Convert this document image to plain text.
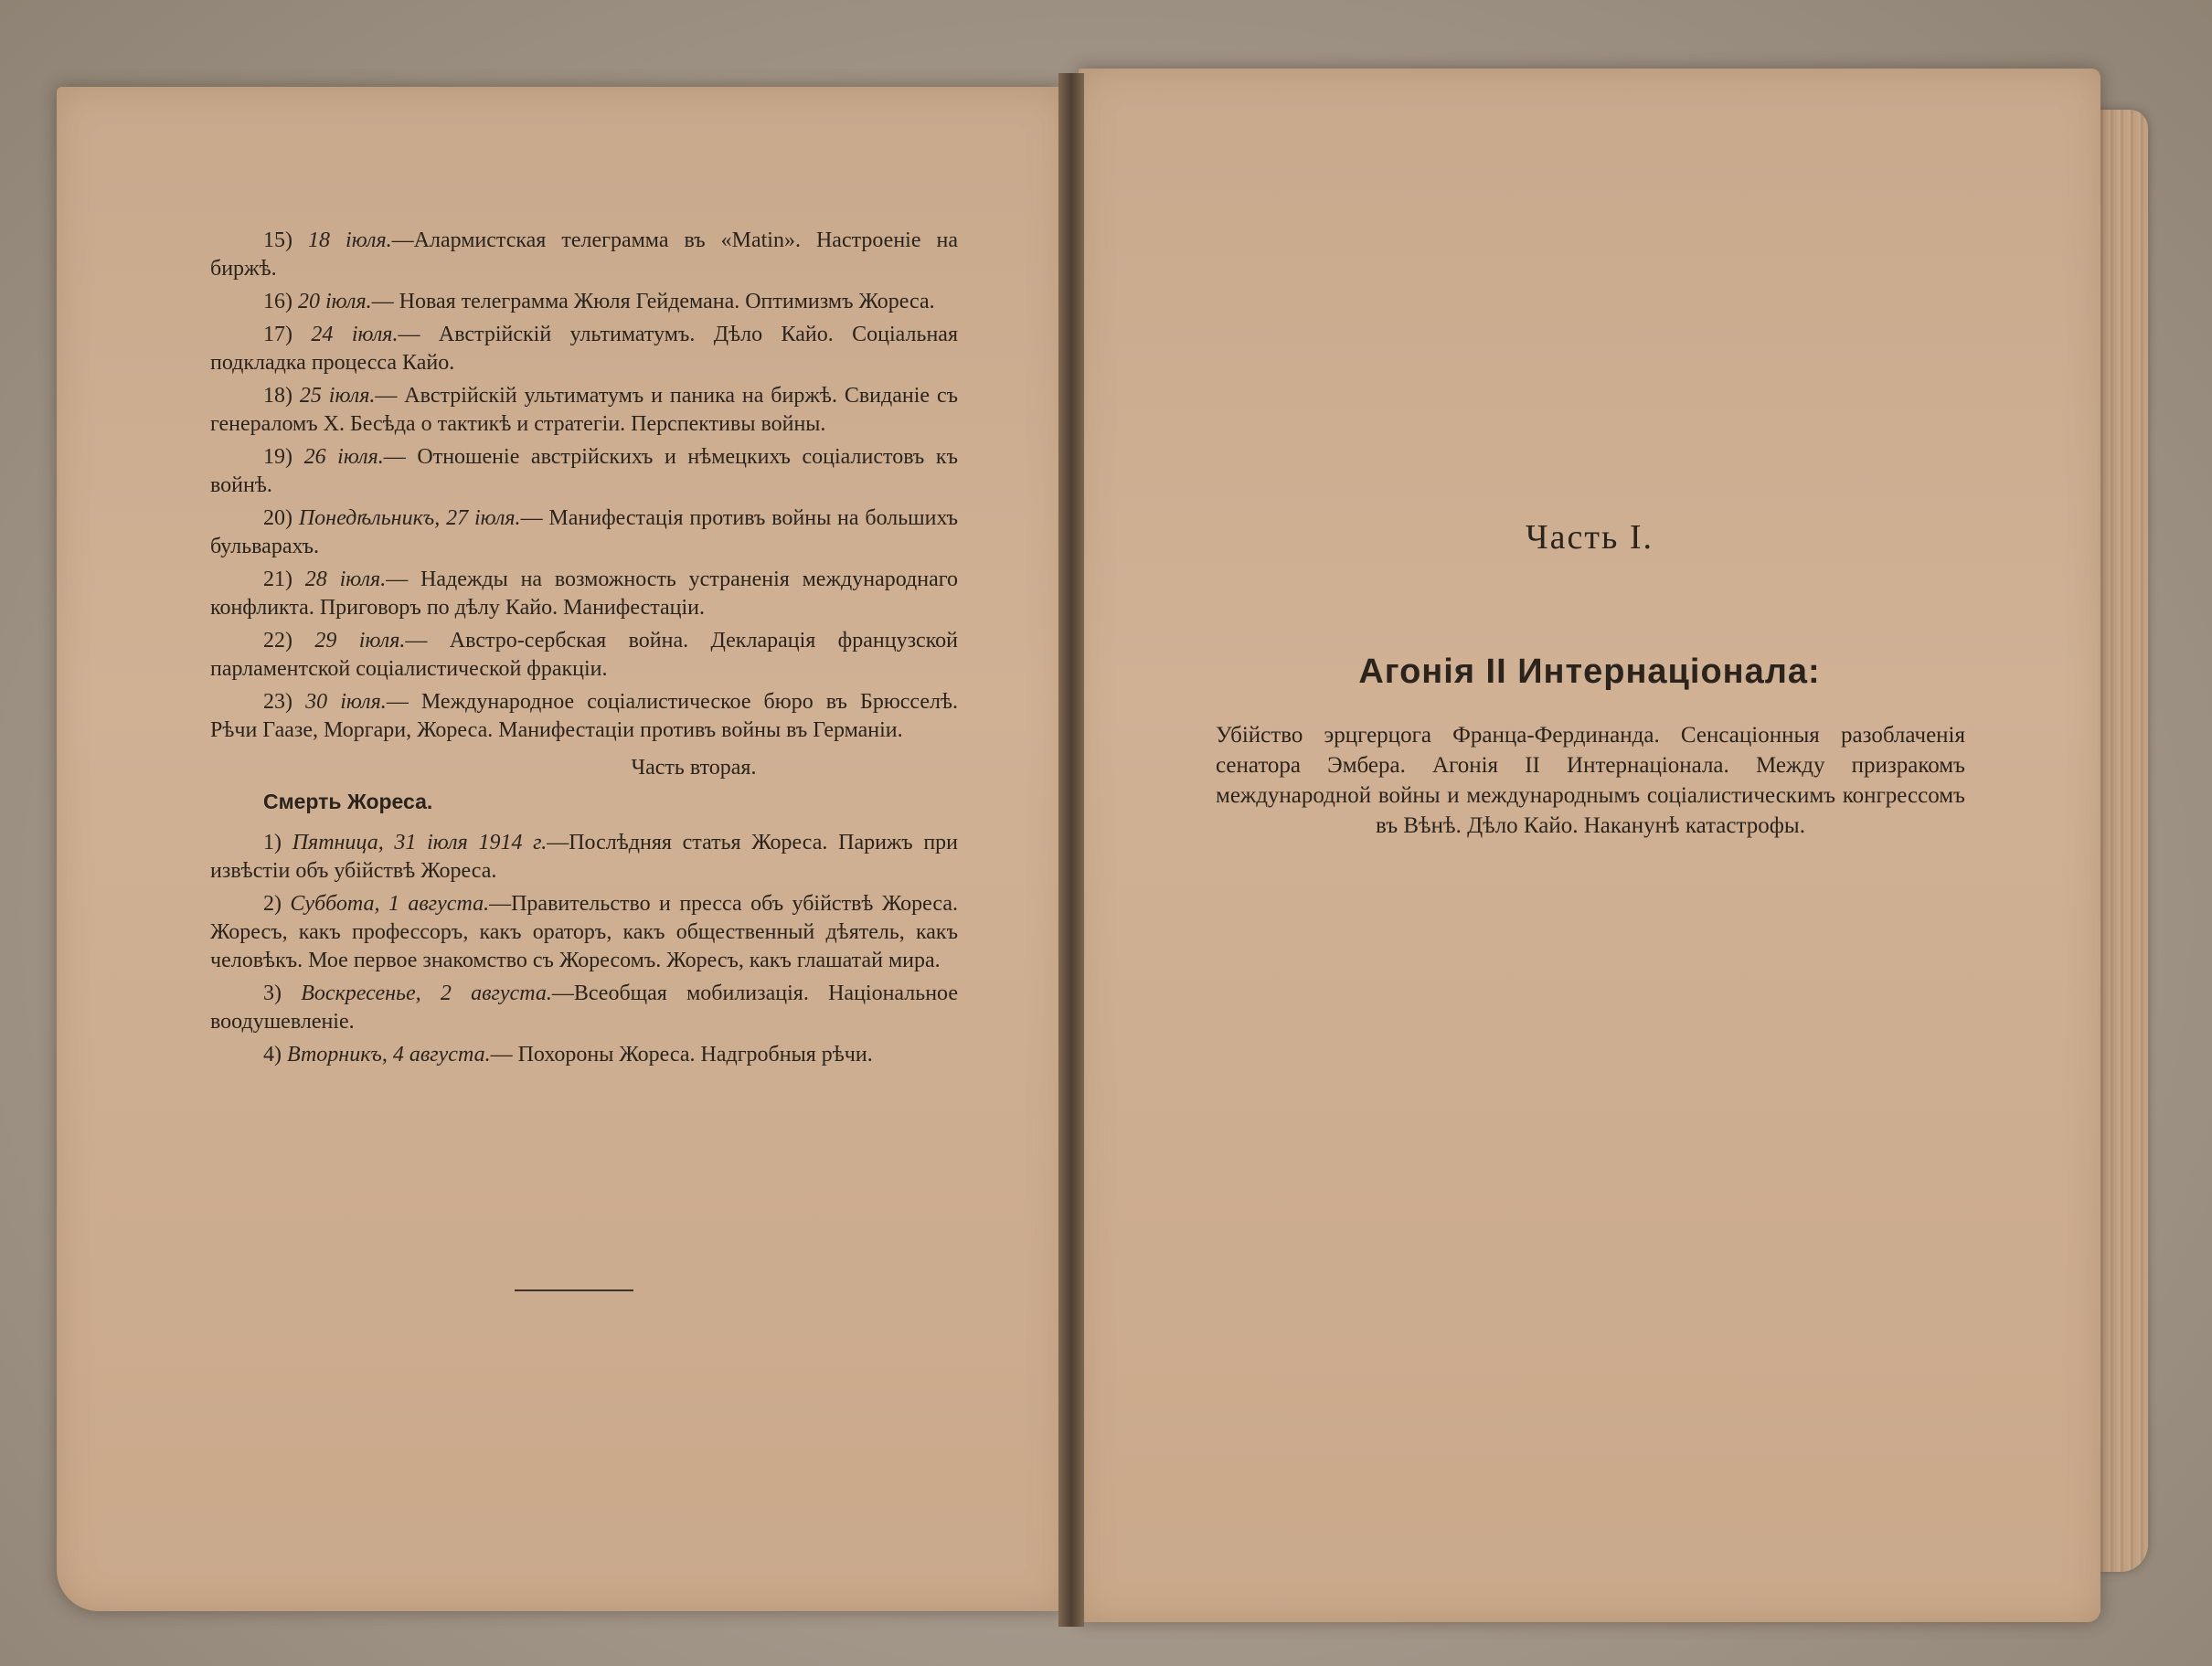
15) 18 іюля.—Алармистская телеграмма въ «Matin». Настроеніе на биржѣ.
16) 20 іюля.— Новая телеграмма Жюля Гейдемана. Оптимизмъ Жореса.
17) 24 іюля.— Австрійскій ультиматумъ. Дѣло Кайо. Соціальная подкладка процесса Кайо.
18) 25 іюля.— Австрійскій ультиматумъ и паника на биржѣ. Свиданіе съ генераломъ Х. Бесѣда о тактикѣ и стратегіи. Перспективы войны.
19) 26 іюля.— Отношеніе австрійскихъ и нѣмецкихъ соціалистовъ къ войнѣ.
20) Понедѣльникъ, 27 іюля.— Манифестація противъ войны на большихъ бульварахъ.
21) 28 іюля.— Надежды на возможность устраненія международнаго конфликта. Приговоръ по дѣлу Кайо. Манифестаціи.
22) 29 іюля.— Австро-сербская война. Декларація французской парламентской соціалистической фракціи.
23) 30 іюля.— Международное соціалистическое бюро въ Брюсселѣ. Рѣчи Гаазе, Моргари, Жореса. Манифестаціи противъ войны въ Германіи.
Часть вторая.
Смерть Жореса.
1) Пятница, 31 іюля 1914 г.—Послѣдняя статья Жореса. Парижъ при извѣстіи объ убійствѣ Жореса.
2) Суббота, 1 августа.—Правительство и пресса объ убійствѣ Жореса. Жоресъ, какъ профессоръ, какъ ораторъ, какъ общественный дѣятель, какъ человѣкъ. Мое первое знакомство съ Жоресомъ. Жоресъ, какъ глашатай мира.
3) Воскресенье, 2 августа.—Всеобщая мобилизація. Національное воодушевленіе.
4) Вторникъ, 4 августа.— Похороны Жореса. Надгробныя рѣчи.
Часть I.
Агонія II Интернаціонала:
Убійство эрцгерцога Франца-Фердинанда. Сенсаціонныя разоблаченія сенатора Эмбера. Агонія II Интернаціонала. Между призракомъ международной войны и международнымъ соціалистическимъ конгрессомъ въ Вѣнѣ. Дѣло Кайо. Наканунѣ катастрофы.
